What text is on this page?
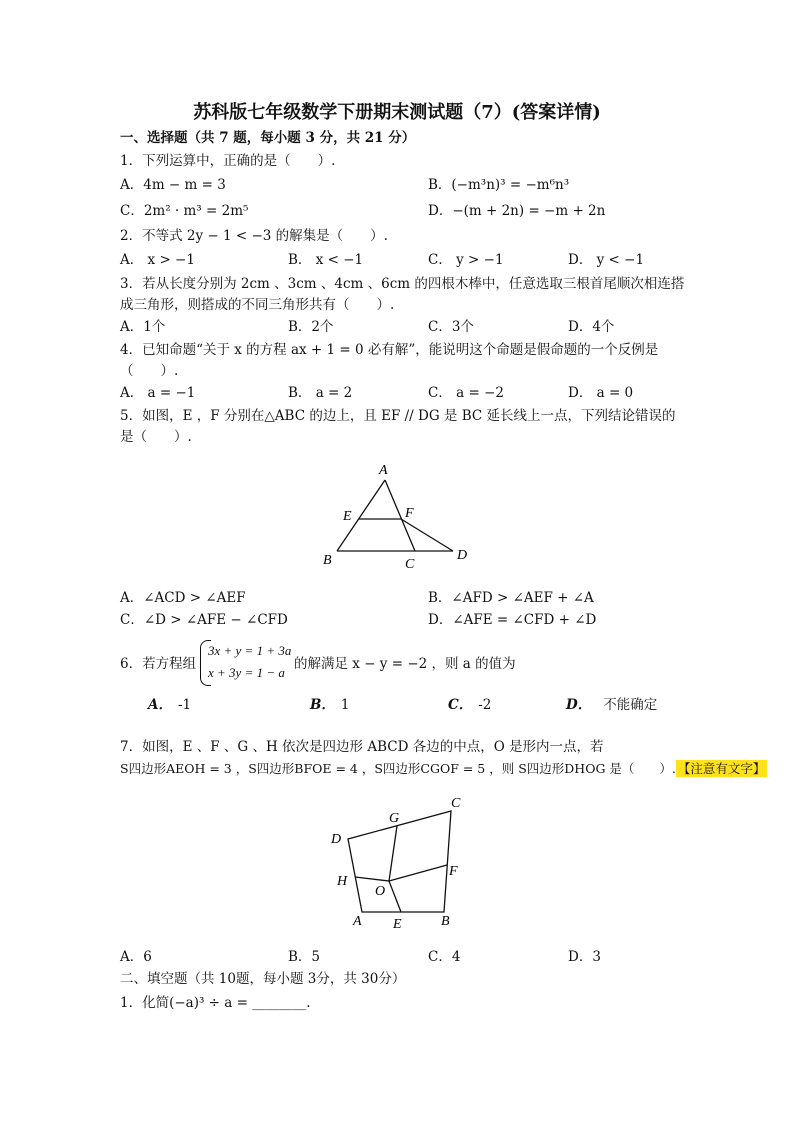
苏科版七年级数学下册期末测试题（7）(答案详情)
一、选择题（共 7 题，每小题 3 分，共 21 分）
1．下列运算中，正确的是（　　）.
A．4m − m = 3	B．(−m³n)³ = −m⁶n³
C．2m² · m³ = 2m⁵	D．−(m + 2n) = −m + 2n
2．不等式 2y − 1 < −3 的解集是（　　）.
A． x > −1	B． x < −1	C． y > −1	D． y < −1
3．若从长度分别为 2cm 、3cm 、4cm 、6cm 的四根木棒中，任意选取三根首尾顺次相连搭
成三角形，则搭成的不同三角形共有（　　）.
A．1个	B．2个	C．3个	D．4个
4．已知命题“关于 x 的方程 ax + 1 = 0 必有解”，能说明这个命题是假命题的一个反例是
（　　）.
A． a = −1	B． a = 2	C． a = −2	D． a = 0
5．如图，E ，F 分别在△ABC 的边上，且 EF // DG 是 BC 延长线上一点，下列结论错误的
是（　　）.
A
E	F
B	C
D
A．∠ACD > ∠AEF	B．∠AFD > ∠AEF + ∠A
C．∠D > ∠AFE − ∠CFD	D．∠AFE = ∠CFD + ∠D
6．若方程组
3x + y = 1 + 3a
x + 3y = 1 − a
的解满足 x − y = −2 ，则 a 的值为
A． -1	B． 1	C． -2	D． 不能确定
7．如图，E 、F 、G 、H 依次是四边形 ABCD 各边的中点，O 是形内一点，若
S四边形AEOH = 3 ，S四边形BFOE = 4 ，S四边形CGOF = 5 ，则 S四边形DHOG 是（　　）. 【注意有文字】
G
C
D
F
H
O
A E	B
A．6	B．5	C．4	D．3
二、填空题（共 10题，每小题 3分，共 30分）
1．化简(−a)³ ÷ a = ________.
